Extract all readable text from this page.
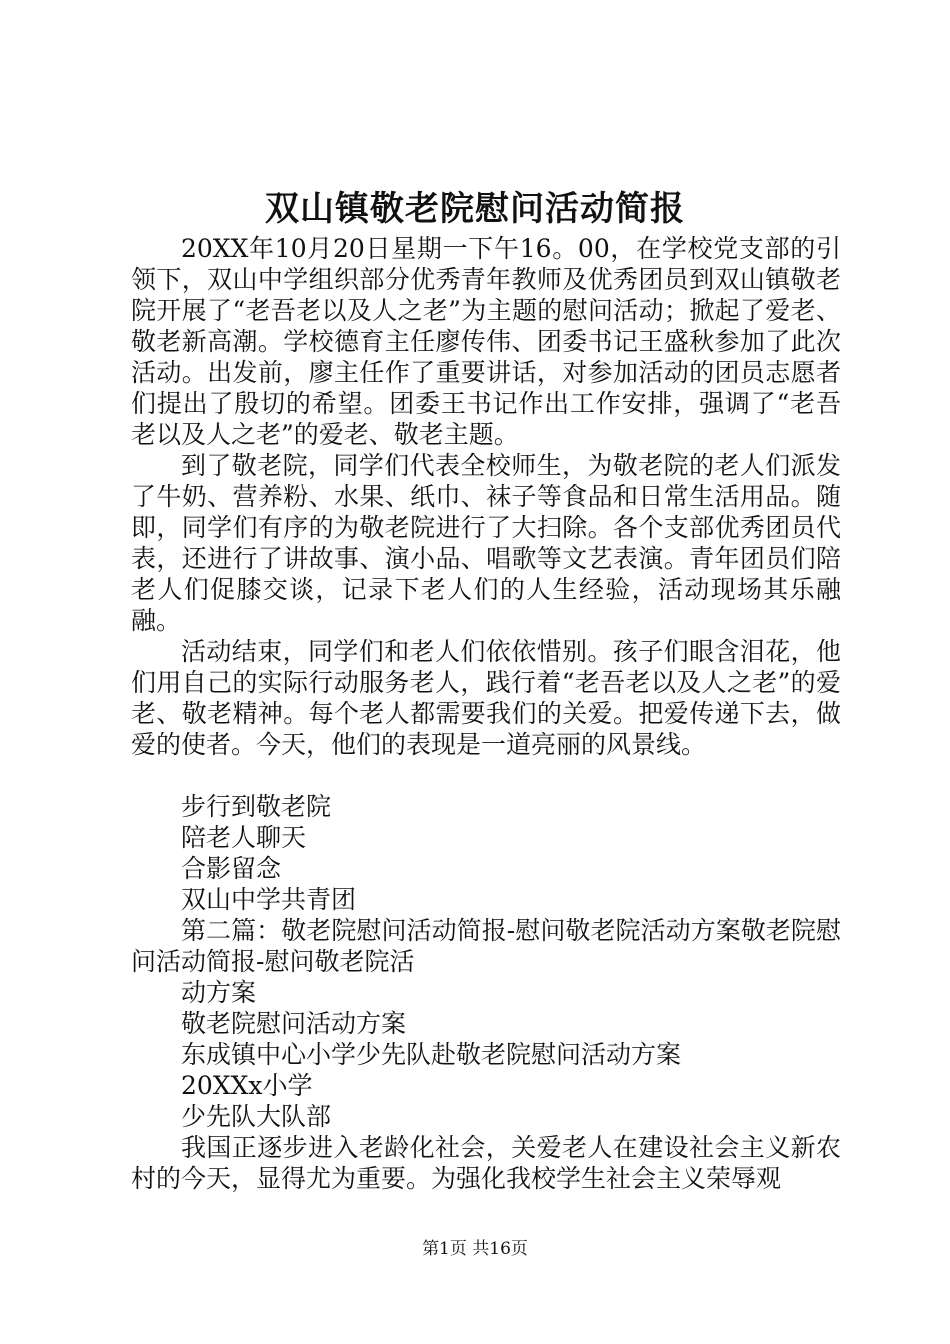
双山镇敬老院慰问活动简报

20XX年10月20日星期一下午16。00，在学校党支部的引领下，双山中学组织部分优秀青年教师及优秀团员到双山镇敬老院开展了“老吾老以及人之老”为主题的慰问活动；掀起了爱老、敬老新高潮。学校德育主任廖传伟、团委书记王盛秋参加了此次活动。出发前，廖主任作了重要讲话，对参加活动的团员志愿者们提出了殷切的希望。团委王书记作出工作安排，强调了“老吾老以及人之老”的爱老、敬老主题。

到了敬老院，同学们代表全校师生，为敬老院的老人们派发了牛奶、营养粉、水果、纸巾、袜子等食品和日常生活用品。随即，同学们有序的为敬老院进行了大扫除。各个支部优秀团员代表，还进行了讲故事、演小品、唱歌等文艺表演。青年团员们陪老人们促膝交谈，记录下老人们的人生经验，活动现场其乐融融。

活动结束，同学们和老人们依依惜别。孩子们眼含泪花，他们用自己的实际行动服务老人，践行着“老吾老以及人之老”的爱老、敬老精神。每个老人都需要我们的关爱。把爱传递下去，做爱的使者。今天，他们的表现是一道亮丽的风景线。

步行到敬老院

陪老人聊天

合影留念

双山中学共青团

第二篇：敬老院慰问活动简报-慰问敬老院活动方案敬老院慰问活动简报-慰问敬老院活

动方案

敬老院慰问活动方案

东成镇中心小学少先队赴敬老院慰问活动方案

20XXx小学

少先队大队部

我国正逐步进入老龄化社会，关爱老人在建设社会主义新农村的今天，显得尤为重要。为强化我校学生社会主义荣辱观

第1页 共16页
